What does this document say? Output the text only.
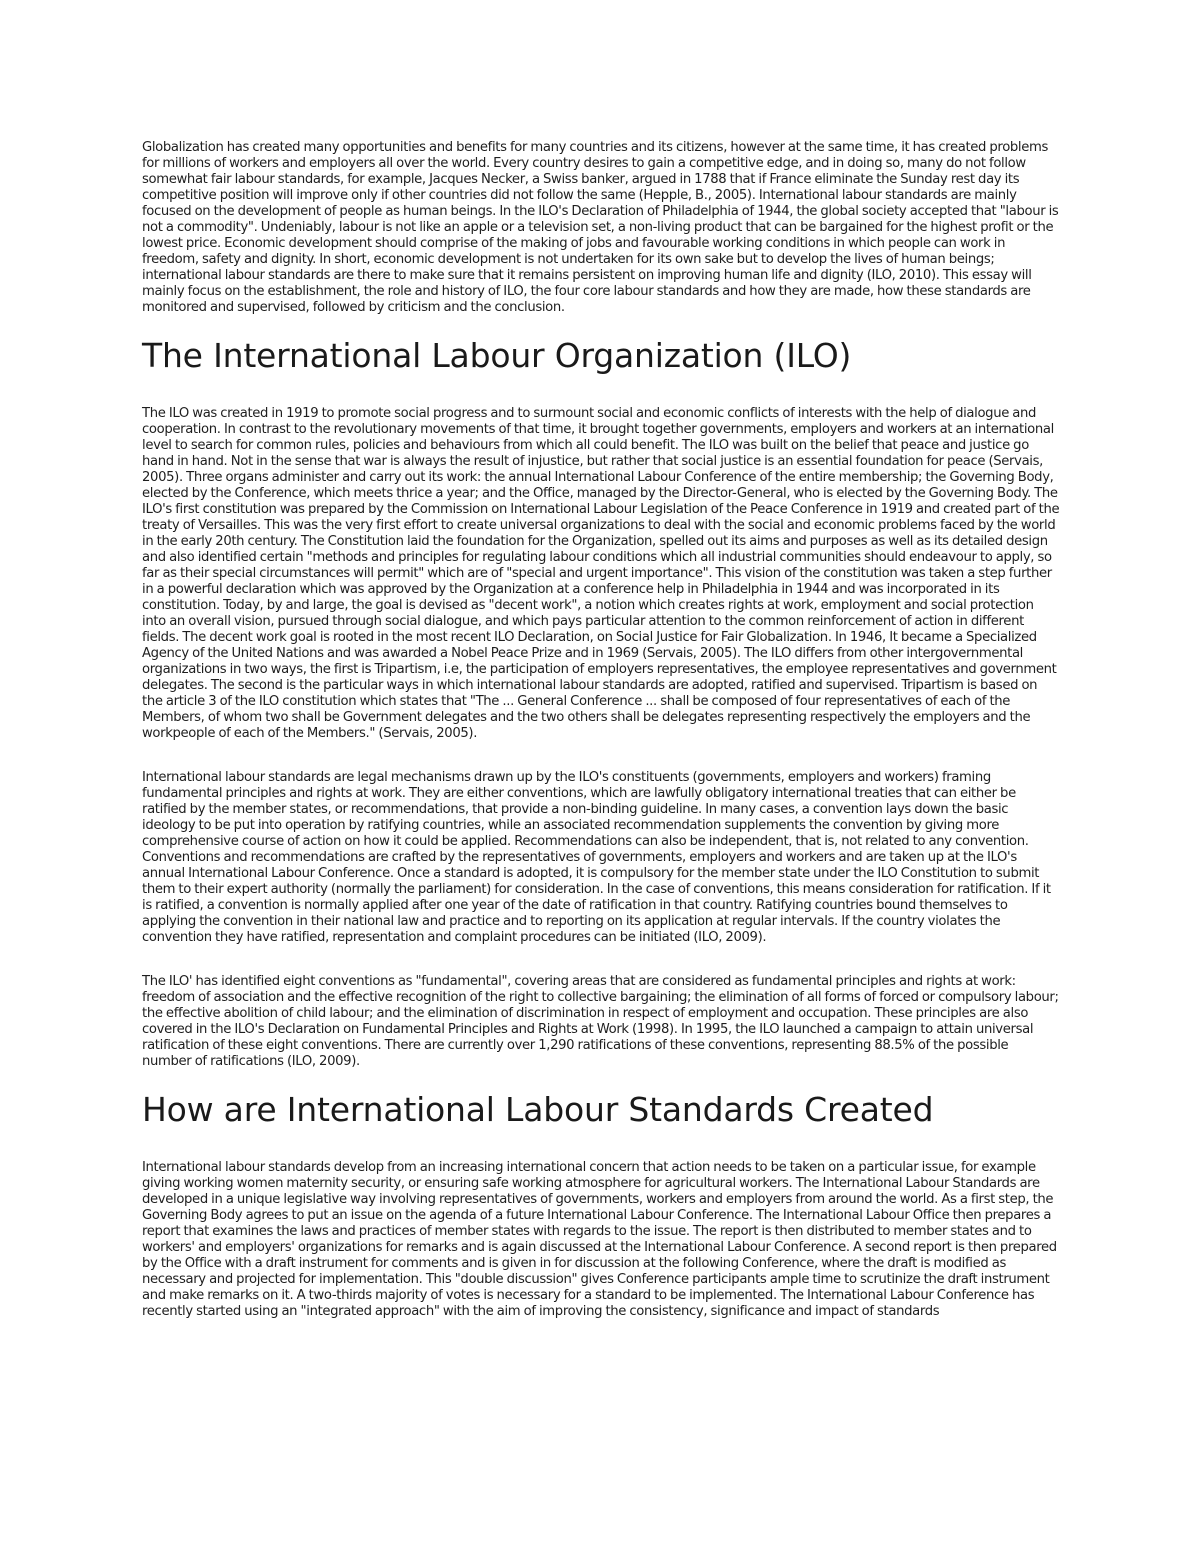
Globalization has created many opportunities and benefits for many countries and its citizens, however at the same time, it has created problems for millions of workers and employers all over the world. Every country desires to gain a competitive edge, and in doing so, many do not follow somewhat fair labour standards, for example, Jacques Necker, a Swiss banker, argued in 1788 that if France eliminate the Sunday rest day its competitive position will improve only if other countries did not follow the same (Hepple, B., 2005). International labour standards are mainly focused on the development of people as human beings. In the ILO's Declaration of Philadelphia of 1944, the global society accepted that "labour is not a commodity". Undeniably, labour is not like an apple or a television set, a non-living product that can be bargained for the highest profit or the lowest price. Economic development should comprise of the making of jobs and favourable working conditions in which people can work in freedom, safety and dignity. In short, economic development is not undertaken for its own sake but to develop the lives of human beings; international labour standards are there to make sure that it remains persistent on improving human life and dignity (ILO, 2010). This essay will mainly focus on the establishment, the role and history of ILO, the four core labour standards and how they are made, how these standards are monitored and supervised, followed by criticism and the conclusion.

The International Labour Organization (ILO)

The ILO was created in 1919 to promote social progress and to surmount social and economic conflicts of interests with the help of dialogue and cooperation. In contrast to the revolutionary movements of that time, it brought together governments, employers and workers at an international level to search for common rules, policies and behaviours from which all could benefit. The ILO was built on the belief that peace and justice go hand in hand. Not in the sense that war is always the result of injustice, but rather that social justice is an essential foundation for peace (Servais, 2005). Three organs administer and carry out its work: the annual International Labour Conference of the entire membership; the Governing Body, elected by the Conference, which meets thrice a year; and the Office, managed by the Director-General, who is elected by the Governing Body. The ILO's first constitution was prepared by the Commission on International Labour Legislation of the Peace Conference in 1919 and created part of the treaty of Versailles. This was the very first effort to create universal organizations to deal with the social and economic problems faced by the world in the early 20th century. The Constitution laid the foundation for the Organization, spelled out its aims and purposes as well as its detailed design and also identified certain "methods and principles for regulating labour conditions which all industrial communities should endeavour to apply, so far as their special circumstances will permit" which are of "special and urgent importance". This vision of the constitution was taken a step further in a powerful declaration which was approved by the Organization at a conference help in Philadelphia in 1944 and was incorporated in its constitution. Today, by and large, the goal is devised as "decent work", a notion which creates rights at work, employment and social protection into an overall vision, pursued through social dialogue, and which pays particular attention to the common reinforcement of action in different fields. The decent work goal is rooted in the most recent ILO Declaration, on Social Justice for Fair Globalization. In 1946, It became a Specialized Agency of the United Nations and was awarded a Nobel Peace Prize and in 1969 (Servais, 2005). The ILO differs from other intergovernmental organizations in two ways, the first is Tripartism, i.e, the participation of employers representatives, the employee representatives and government delegates. The second is the particular ways in which international labour standards are adopted, ratified and supervised. Tripartism is based on the article 3 of the ILO constitution which states that "The ... General Conference ... shall be composed of four representatives of each of the Members, of whom two shall be Government delegates and the two others shall be delegates representing respectively the employers and the workpeople of each of the Members." (Servais, 2005).

International labour standards are legal mechanisms drawn up by the ILO's constituents (governments, employers and workers) framing fundamental principles and rights at work. They are either conventions, which are lawfully obligatory international treaties that can either be ratified by the member states, or recommendations, that provide a non-binding guideline. In many cases, a convention lays down the basic ideology to be put into operation by ratifying countries, while an associated recommendation supplements the convention by giving more comprehensive course of action on how it could be applied. Recommendations can also be independent, that is, not related to any convention. Conventions and recommendations are crafted by the representatives of governments, employers and workers and are taken up at the ILO's annual International Labour Conference. Once a standard is adopted, it is compulsory for the member state under the ILO Constitution to submit them to their expert authority (normally the parliament) for consideration. In the case of conventions, this means consideration for ratification. If it is ratified, a convention is normally applied after one year of the date of ratification in that country. Ratifying countries bound themselves to applying the convention in their national law and practice and to reporting on its application at regular intervals. If the country violates the convention they have ratified, representation and complaint procedures can be initiated (ILO, 2009).

The ILO' has identified eight conventions as "fundamental", covering areas that are considered as fundamental principles and rights at work: freedom of association and the effective recognition of the right to collective bargaining; the elimination of all forms of forced or compulsory labour; the effective abolition of child labour; and the elimination of discrimination in respect of employment and occupation. These principles are also covered in the ILO's Declaration on Fundamental Principles and Rights at Work (1998). In 1995, the ILO launched a campaign to attain universal ratification of these eight conventions. There are currently over 1,290 ratifications of these conventions, representing 88.5% of the possible number of ratifications (ILO, 2009).

How are International Labour Standards Created

International labour standards develop from an increasing international concern that action needs to be taken on a particular issue, for example giving working women maternity security, or ensuring safe working atmosphere for agricultural workers. The International Labour Standards are developed in a unique legislative way involving representatives of governments, workers and employers from around the world. As a first step, the Governing Body agrees to put an issue on the agenda of a future International Labour Conference. The International Labour Office then prepares a report that examines the laws and practices of member states with regards to the issue. The report is then distributed to member states and to workers' and employers' organizations for remarks and is again discussed at the International Labour Conference. A second report is then prepared by the Office with a draft instrument for comments and is given in for discussion at the following Conference, where the draft is modified as necessary and projected for implementation. This "double discussion" gives Conference participants ample time to scrutinize the draft instrument and make remarks on it. A two-thirds majority of votes is necessary for a standard to be implemented. The International Labour Conference has recently started using an "integrated approach" with the aim of improving the consistency, significance and impact of standards
